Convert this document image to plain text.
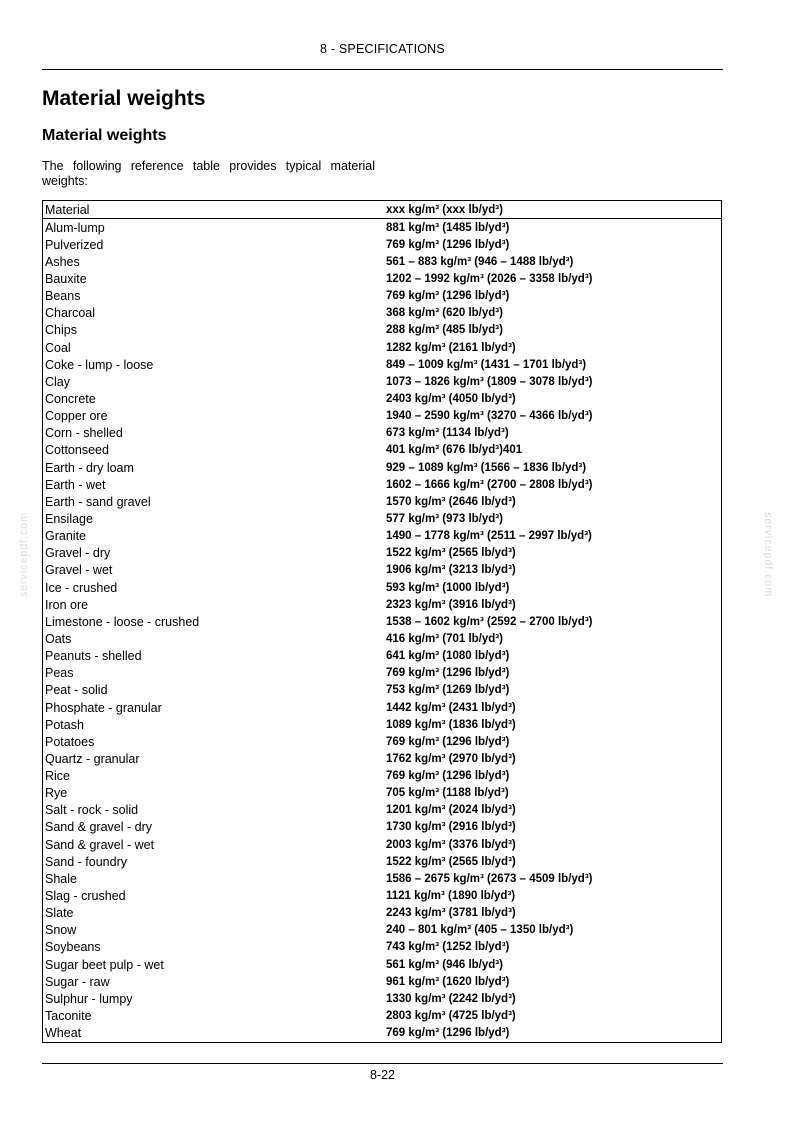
8 - SPECIFICATIONS
Material weights
Material weights

The following reference table provides typical material weights:

Material	xxx kg/m³ (xxx lb/yd³)
Alum-lump	881 kg/m³ (1485 lb/yd³)
Pulverized	769 kg/m³ (1296 lb/yd³)
Ashes	561 – 883 kg/m³ (946 – 1488 lb/yd³)
Bauxite	1202 – 1992 kg/m³ (2026 – 3358 lb/yd³)
Beans	769 kg/m³ (1296 lb/yd³)
Charcoal	368 kg/m³ (620 lb/yd³)
Chips	288 kg/m³ (485 lb/yd³)
Coal	1282 kg/m³ (2161 lb/yd³)
Coke - lump - loose	849 – 1009 kg/m³ (1431 – 1701 lb/yd³)
Clay	1073 – 1826 kg/m³ (1809 – 3078 lb/yd³)
Concrete	2403 kg/m³ (4050 lb/yd³)
Copper ore	1940 – 2590 kg/m³ (3270 – 4366 lb/yd³)
Corn - shelled	673 kg/m³ (1134 lb/yd³)
Cottonseed	401 kg/m³ (676 lb/yd³)401
Earth - dry loam	929 – 1089 kg/m³ (1566 – 1836 lb/yd³)
Earth - wet	1602 – 1666 kg/m³ (2700 – 2808 lb/yd³)
Earth - sand gravel	1570 kg/m³ (2646 lb/yd³)
Ensilage	577 kg/m³ (973 lb/yd³)
Granite	1490 – 1778 kg/m³ (2511 – 2997 lb/yd³)
Gravel - dry	1522 kg/m³ (2565 lb/yd³)
Gravel - wet	1906 kg/m³ (3213 lb/yd³)
Ice - crushed	593 kg/m³ (1000 lb/yd³)
Iron ore	2323 kg/m³ (3916 lb/yd³)
Limestone - loose - crushed	1538 – 1602 kg/m³ (2592 – 2700 lb/yd³)
Oats	416 kg/m³ (701 lb/yd³)
Peanuts - shelled	641 kg/m³ (1080 lb/yd³)
Peas	769 kg/m³ (1296 lb/yd³)
Peat - solid	753 kg/m³ (1269 lb/yd³)
Phosphate - granular	1442 kg/m³ (2431 lb/yd³)
Potash	1089 kg/m³ (1836 lb/yd³)
Potatoes	769 kg/m³ (1296 lb/yd³)
Quartz - granular	1762 kg/m³ (2970 lb/yd³)
Rice	769 kg/m³ (1296 lb/yd³)
Rye	705 kg/m³ (1188 lb/yd³)
Salt - rock - solid	1201 kg/m³ (2024 lb/yd³)
Sand & gravel - dry	1730 kg/m³ (2916 lb/yd³)
Sand & gravel - wet	2003 kg/m³ (3376 lb/yd³)
Sand - foundry	1522 kg/m³ (2565 lb/yd³)
Shale	1586 – 2675 kg/m³ (2673 – 4509 lb/yd³)
Slag - crushed	1121 kg/m³ (1890 lb/yd³)
Slate	2243 kg/m³ (3781 lb/yd³)
Snow	240 – 801 kg/m³ (405 – 1350 lb/yd³)
Soybeans	743 kg/m³ (1252 lb/yd³)
Sugar beet pulp - wet	561 kg/m³ (946 lb/yd³)
Sugar - raw	961 kg/m³ (1620 lb/yd³)
Sulphur - lumpy	1330 kg/m³ (2242 lb/yd³)
Taconite	2803 kg/m³ (4725 lb/yd³)
Wheat	769 kg/m³ (1296 lb/yd³)
8-22
servicepdf.com	servicepdf.com
